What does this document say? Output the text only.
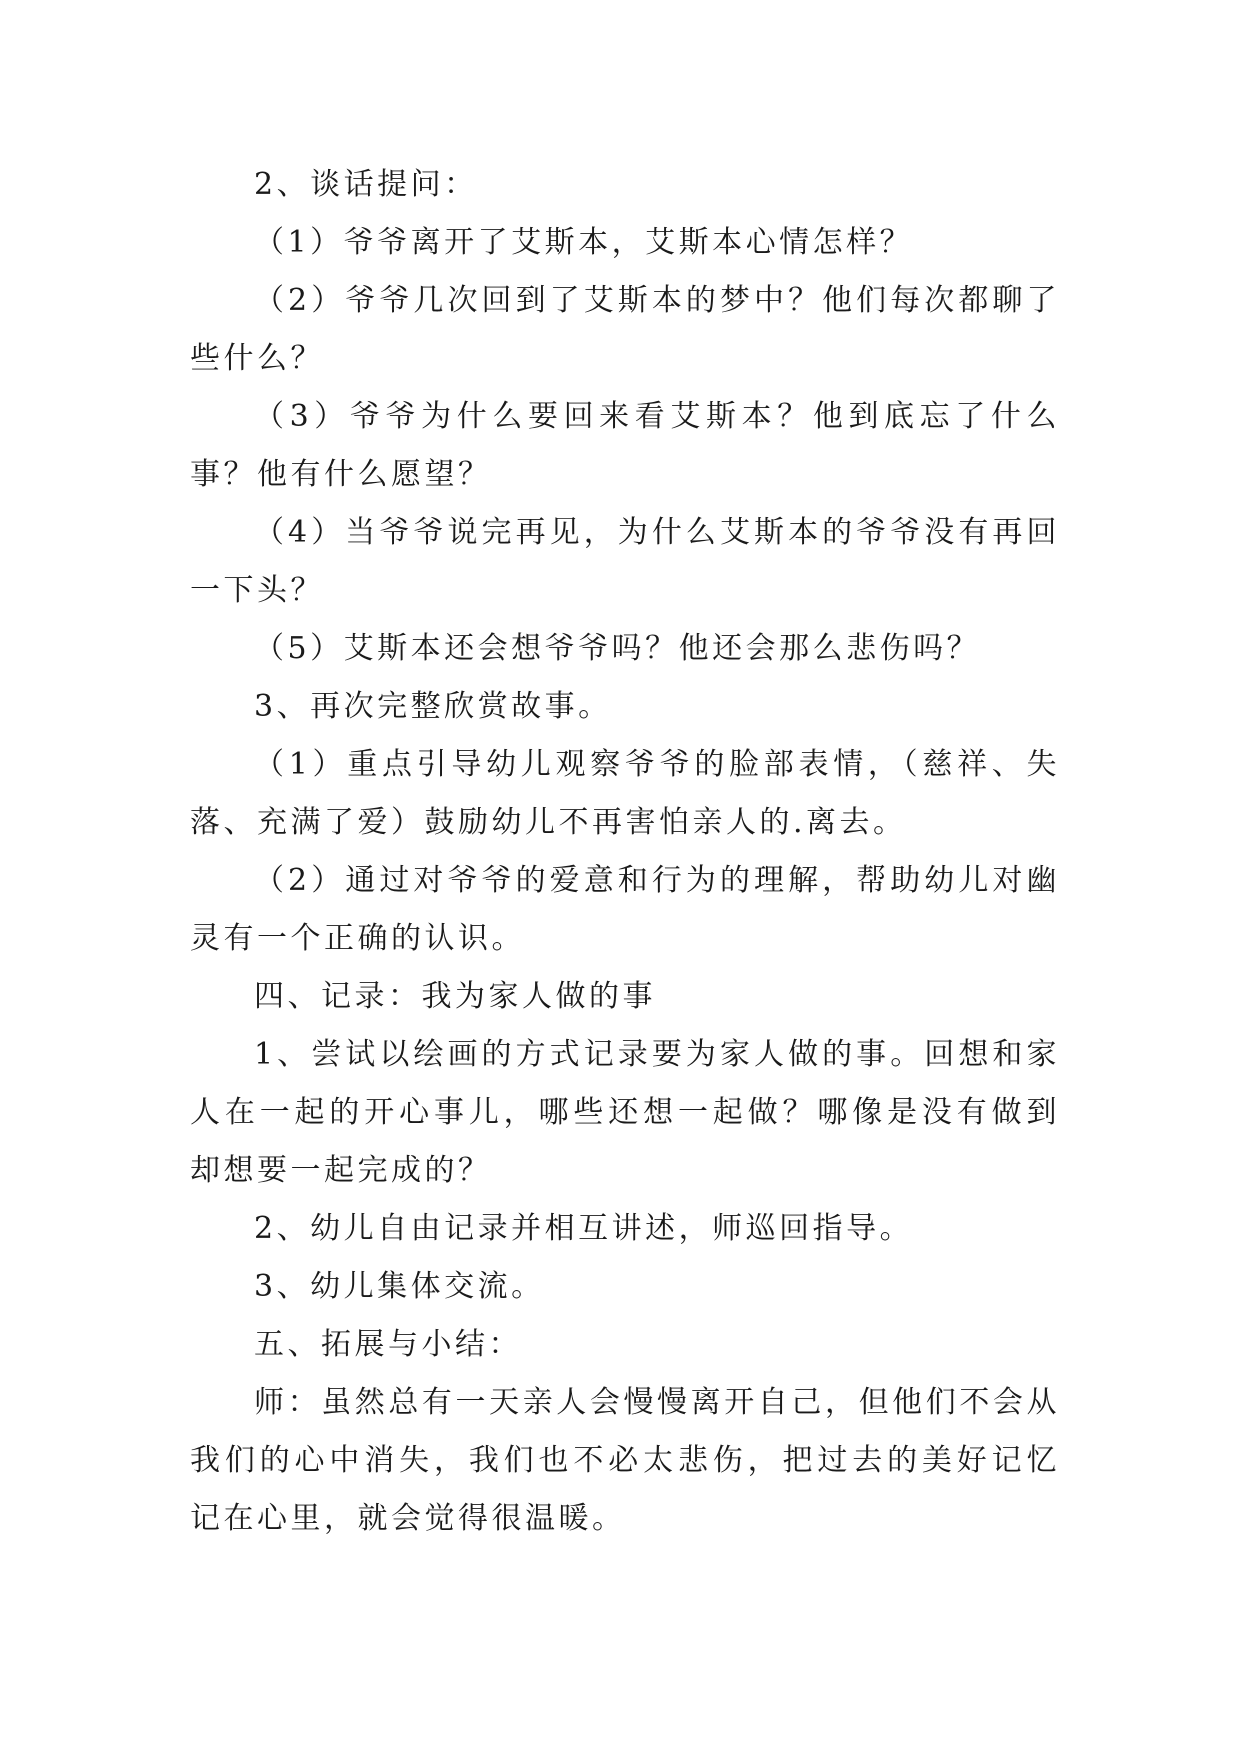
2、谈话提问：

（1）爷爷离开了艾斯本，艾斯本心情怎样？

（2）爷爷几次回到了艾斯本的梦中？他们每次都聊了些什么？

（3）爷爷为什么要回来看艾斯本？他到底忘了什么事？他有什么愿望？

（4）当爷爷说完再见，为什么艾斯本的爷爷没有再回一下头？

（5）艾斯本还会想爷爷吗？他还会那么悲伤吗？

3、再次完整欣赏故事。

（1）重点引导幼儿观察爷爷的脸部表情，（慈祥、失落、充满了爱）鼓励幼儿不再害怕亲人的.离去。

（2）通过对爷爷的爱意和行为的理解，帮助幼儿对幽灵有一个正确的认识。

四、记录：我为家人做的事

1、尝试以绘画的方式记录要为家人做的事。回想和家人在一起的开心事儿，哪些还想一起做？哪像是没有做到却想要一起完成的？

2、幼儿自由记录并相互讲述，师巡回指导。

3、幼儿集体交流。

五、拓展与小结：

师：虽然总有一天亲人会慢慢离开自己，但他们不会从我们的心中消失，我们也不必太悲伤，把过去的美好记忆记在心里，就会觉得很温暖。
